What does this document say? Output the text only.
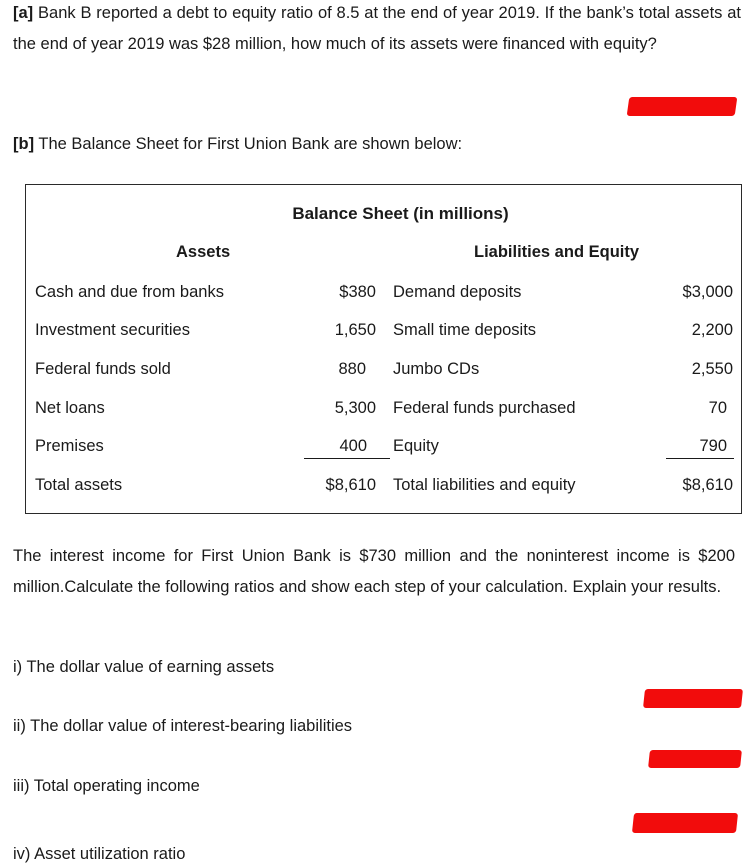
[a] Bank B reported a debt to equity ratio of 8.5 at the end of year 2019. If the bank’s total assets at the end of year 2019 was $28 million, how much of its assets were financed with equity?
[b] The Balance Sheet for First Union Bank are shown below:
Balance Sheet (in millions)
Assets	Liabilities and Equity
Cash and due from banks	$380 Demand deposits	$3,000
Investment securities	1,650 Small time deposits	2,200
Federal funds sold	880 Jumbo CDs	2,550
Net loans	5,300 Federal funds purchased	70
Premises	400 Equity	790
Total assets	$8,610 Total liabilities and equity	$8,610
The interest income for First Union Bank is $730 million and the noninterest income is $200 million.Calculate the following ratios and show each step of your calculation. Explain your results.
i) The dollar value of earning assets
ii) The dollar value of interest-bearing liabilities
iii) Total operating income
iv) Asset utilization ratio
